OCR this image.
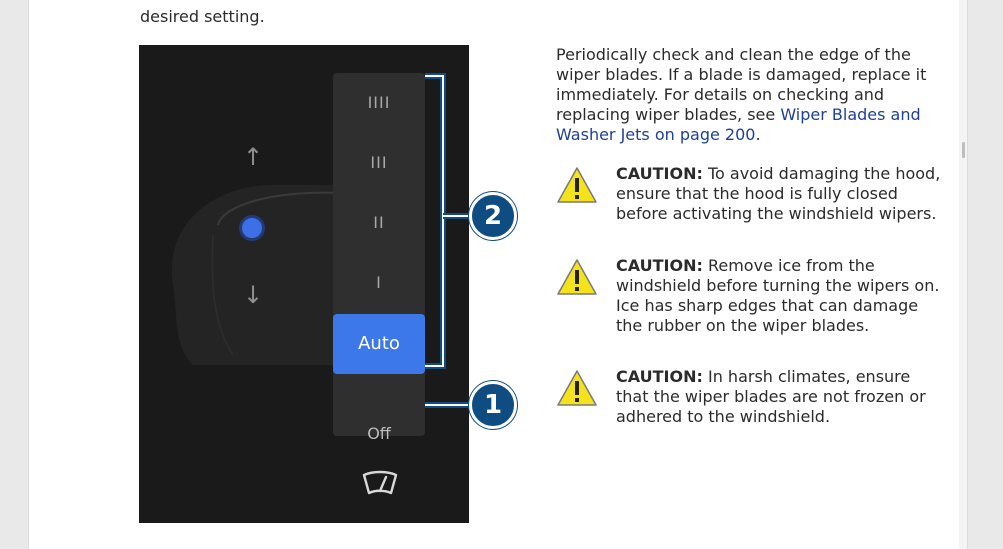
desired setting.
↑
↓
IIII
III
II
I
Auto
Off
2
1
Periodically check and clean the edge of the wiper blades. If a blade is damaged, replace it immediately. For details on checking and replacing wiper blades, see Wiper Blades and Washer Jets on page 200.
CAUTION: To avoid damaging the hood, ensure that the hood is fully closed before activating the windshield wipers.
CAUTION: Remove ice from the windshield before turning the wipers on. Ice has sharp edges that can damage the rubber on the wiper blades.
CAUTION: In harsh climates, ensure that the wiper blades are not frozen or adhered to the windshield.
